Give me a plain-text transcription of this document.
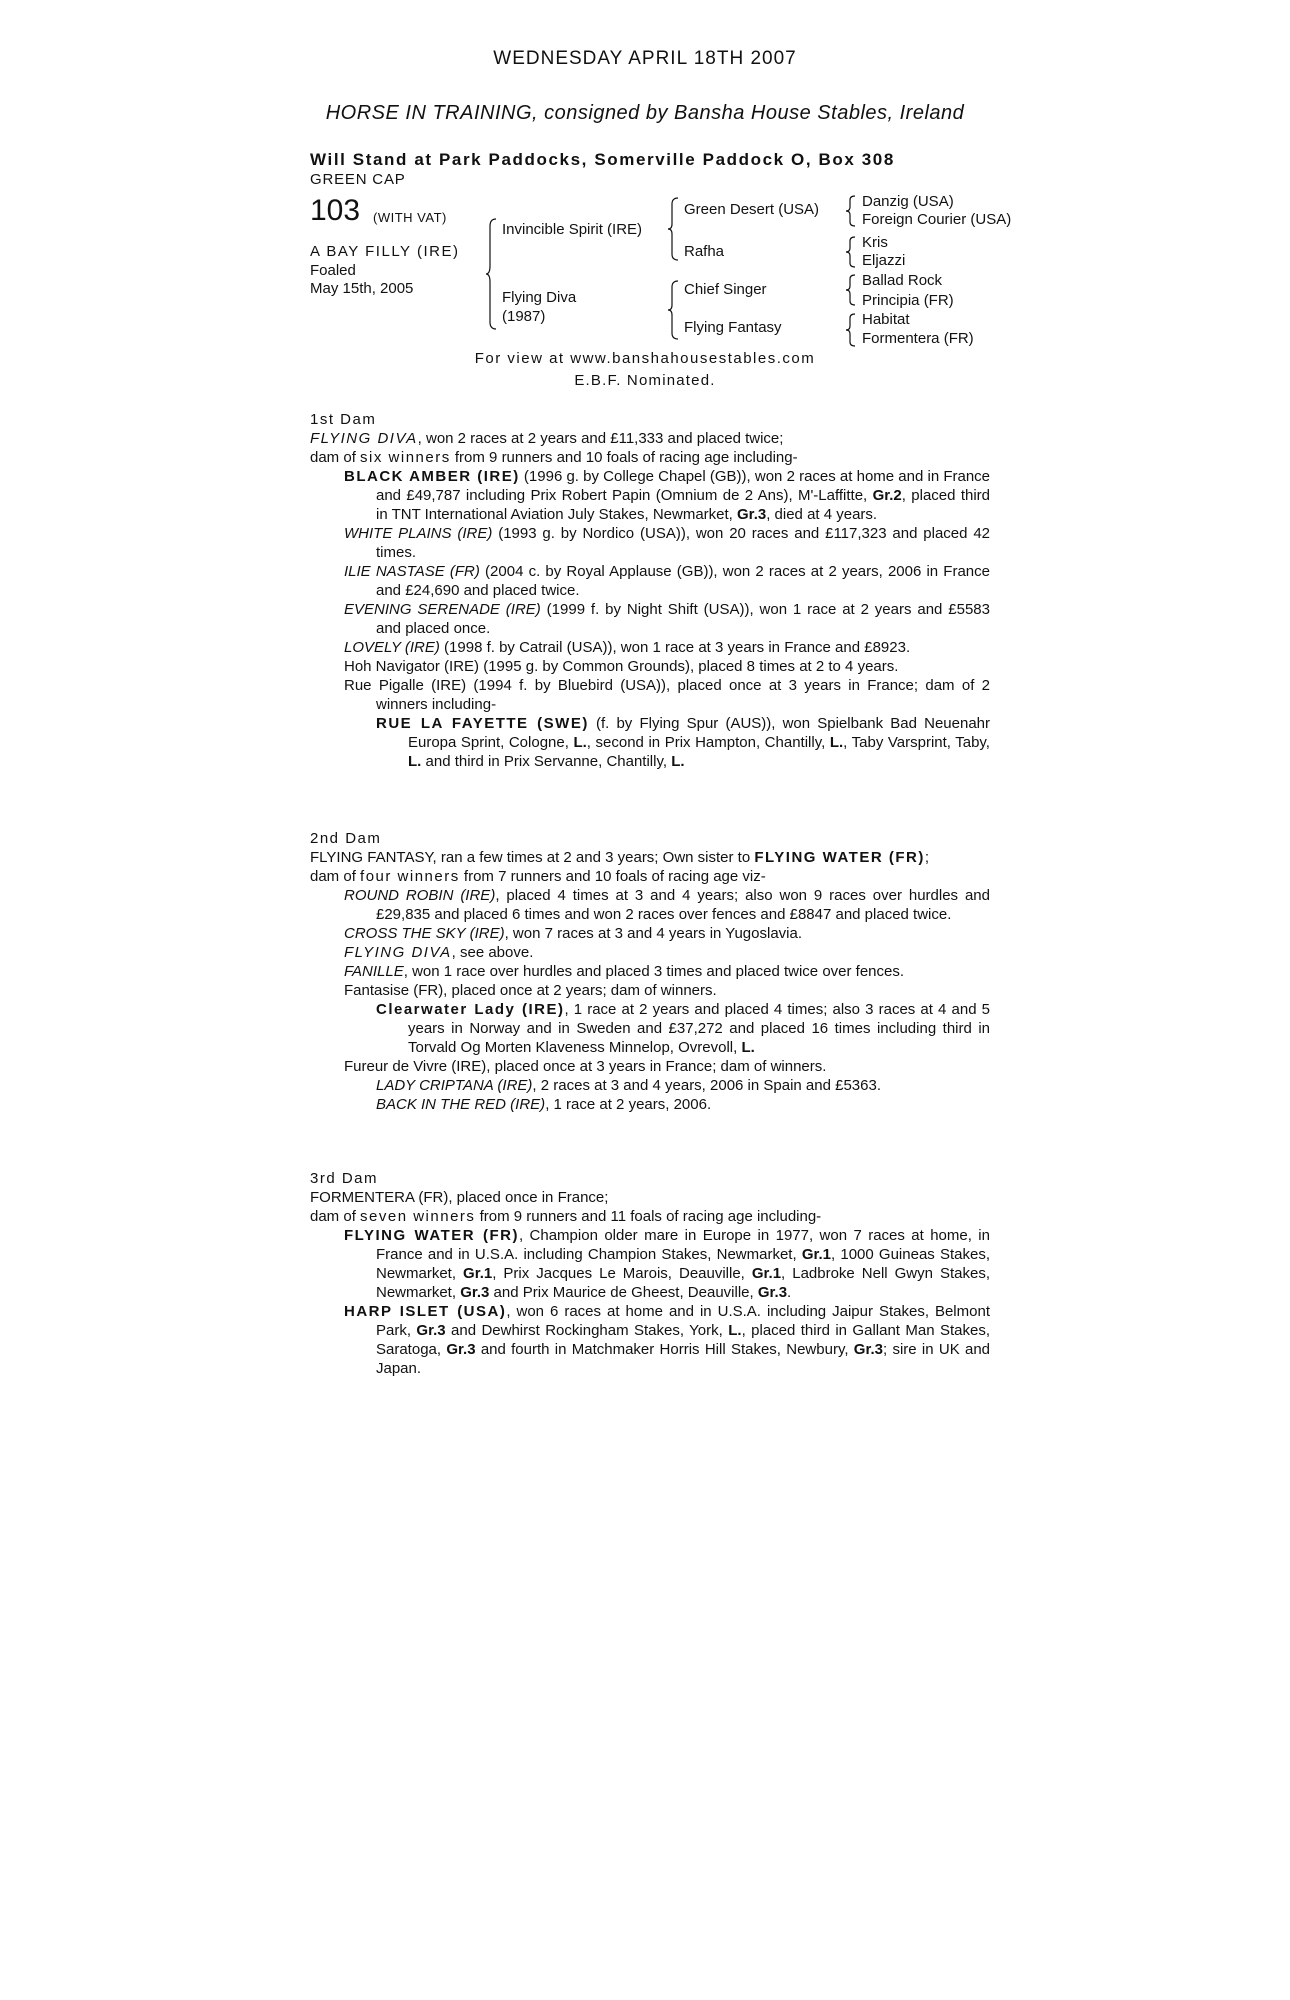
WEDNESDAY APRIL 18TH 2007
HORSE IN TRAINING, consigned by Bansha House Stables, Ireland
Will Stand at Park Paddocks, Somerville Paddock O, Box 308
GREEN CAP
103 (WITH VAT)
A BAY FILLY (IRE)
Foaled
May 15th, 2005
Invincible Spirit (IRE)
Flying Diva
(1987)
Green Desert (USA)
Rafha
Chief Singer
Flying Fantasy
Danzig (USA)
Foreign Courier (USA)
Kris
Eljazzi
Ballad Rock
Principia (FR)
Habitat
Formentera (FR)
For view at www.banshahousestables.com
E.B.F. Nominated.
1st Dam
FLYING DIVA, won 2 races at 2 years and £11,333 and placed twice;
dam of six winners from 9 runners and 10 foals of racing age including-
BLACK AMBER (IRE) (1996 g. by College Chapel (GB)), won 2 races at home and in France and £49,787 including Prix Robert Papin (Omnium de 2 Ans), M'-Laffitte, Gr.2, placed third in TNT International Aviation July Stakes, Newmarket, Gr.3, died at 4 years.
WHITE PLAINS (IRE) (1993 g. by Nordico (USA)), won 20 races and £117,323 and placed 42 times.
ILIE NASTASE (FR) (2004 c. by Royal Applause (GB)), won 2 races at 2 years, 2006 in France and £24,690 and placed twice.
EVENING SERENADE (IRE) (1999 f. by Night Shift (USA)), won 1 race at 2 years and £5583 and placed once.
LOVELY (IRE) (1998 f. by Catrail (USA)), won 1 race at 3 years in France and £8923.
Hoh Navigator (IRE) (1995 g. by Common Grounds), placed 8 times at 2 to 4 years.
Rue Pigalle (IRE) (1994 f. by Bluebird (USA)), placed once at 3 years in France; dam of 2 winners including-
RUE LA FAYETTE (SWE) (f. by Flying Spur (AUS)), won Spielbank Bad Neuenahr Europa Sprint, Cologne, L., second in Prix Hampton, Chantilly, L., Taby Varsprint, Taby, L. and third in Prix Servanne, Chantilly, L.
2nd Dam
FLYING FANTASY, ran a few times at 2 and 3 years; Own sister to FLYING WATER (FR);
dam of four winners from 7 runners and 10 foals of racing age viz-
ROUND ROBIN (IRE), placed 4 times at 3 and 4 years; also won 9 races over hurdles and £29,835 and placed 6 times and won 2 races over fences and £8847 and placed twice.
CROSS THE SKY (IRE), won 7 races at 3 and 4 years in Yugoslavia.
FLYING DIVA, see above.
FANILLE, won 1 race over hurdles and placed 3 times and placed twice over fences.
Fantasise (FR), placed once at 2 years; dam of winners.
Clearwater Lady (IRE), 1 race at 2 years and placed 4 times; also 3 races at 4 and 5 years in Norway and in Sweden and £37,272 and placed 16 times including third in Torvald Og Morten Klaveness Minnelop, Ovrevoll, L.
Fureur de Vivre (IRE), placed once at 3 years in France; dam of winners.
LADY CRIPTANA (IRE), 2 races at 3 and 4 years, 2006 in Spain and £5363.
BACK IN THE RED (IRE), 1 race at 2 years, 2006.
3rd Dam
FORMENTERA (FR), placed once in France;
dam of seven winners from 9 runners and 11 foals of racing age including-
FLYING WATER (FR), Champion older mare in Europe in 1977, won 7 races at home, in France and in U.S.A. including Champion Stakes, Newmarket, Gr.1, 1000 Guineas Stakes, Newmarket, Gr.1, Prix Jacques Le Marois, Deauville, Gr.1, Ladbroke Nell Gwyn Stakes, Newmarket, Gr.3 and Prix Maurice de Gheest, Deauville, Gr.3.
HARP ISLET (USA), won 6 races at home and in U.S.A. including Jaipur Stakes, Belmont Park, Gr.3 and Dewhirst Rockingham Stakes, York, L., placed third in Gallant Man Stakes, Saratoga, Gr.3 and fourth in Matchmaker Horris Hill Stakes, Newbury, Gr.3; sire in UK and Japan.
